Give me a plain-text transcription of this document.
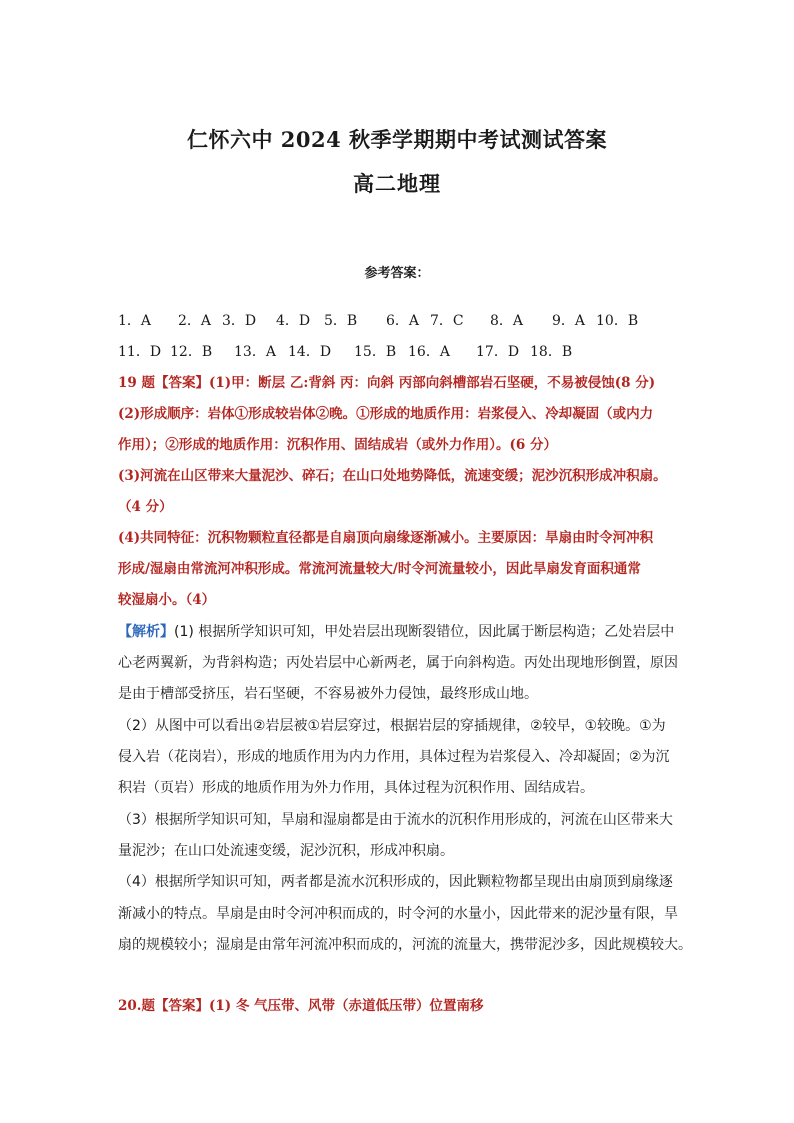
仁怀六中 2024 秋季学期期中考试测试答案
高二地理
参考答案：
1．A 2．A 3．D 4．D 5．B 6．A 7．C 8．A 9．A 10．B
11．D 12．B 13．A 14．D 15．B 16．A 17．D 18．B
19 题【答案】(1)甲：断层 乙:背斜 丙：向斜 丙部向斜槽部岩石坚硬，不易被侵蚀(8 分)
(2)形成顺序：岩体①形成较岩体②晚。①形成的地质作用：岩浆侵入、冷却凝固（或内力
作用）；②形成的地质作用：沉积作用、固结成岩（或外力作用）。(6 分）
(3)河流在山区带来大量泥沙、碎石；在山口处地势降低，流速变缓；泥沙沉积形成冲积扇。
（4 分）
(4)共同特征：沉积物颗粒直径都是自扇顶向扇缘逐渐减小。主要原因：旱扇由时令河冲积
形成/湿扇由常流河冲积形成。常流河流量较大/时令河流量较小，因此旱扇发育面积通常
较湿扇小。（4）
【解析】(1) 根据所学知识可知，甲处岩层出现断裂错位，因此属于断层构造；乙处岩层中
心老两翼新，为背斜构造；丙处岩层中心新两老，属于向斜构造。丙处出现地形倒置，原因
是由于槽部受挤压，岩石坚硬，不容易被外力侵蚀，最终形成山地。
（2）从图中可以看出②岩层被①岩层穿过，根据岩层的穿插规律，②较早，①较晚。①为
侵入岩（花岗岩），形成的地质作用为内力作用，具体过程为岩浆侵入、冷却凝固；②为沉
积岩（页岩）形成的地质作用为外力作用，具体过程为沉积作用、固结成岩。
（3）根据所学知识可知，旱扇和湿扇都是由于流水的沉积作用形成的，河流在山区带来大
量泥沙；在山口处流速变缓，泥沙沉积，形成冲积扇。
（4）根据所学知识可知，两者都是流水沉积形成的，因此颗粒物都呈现出由扇顶到扇缘逐
渐减小的特点。旱扇是由时令河冲积而成的，时令河的水量小，因此带来的泥沙量有限，旱
扇的规模较小；湿扇是由常年河流冲积而成的，河流的流量大，携带泥沙多，因此规模较大。
20.题【答案】(1) 冬 气压带、风带（赤道低压带）位置南移
